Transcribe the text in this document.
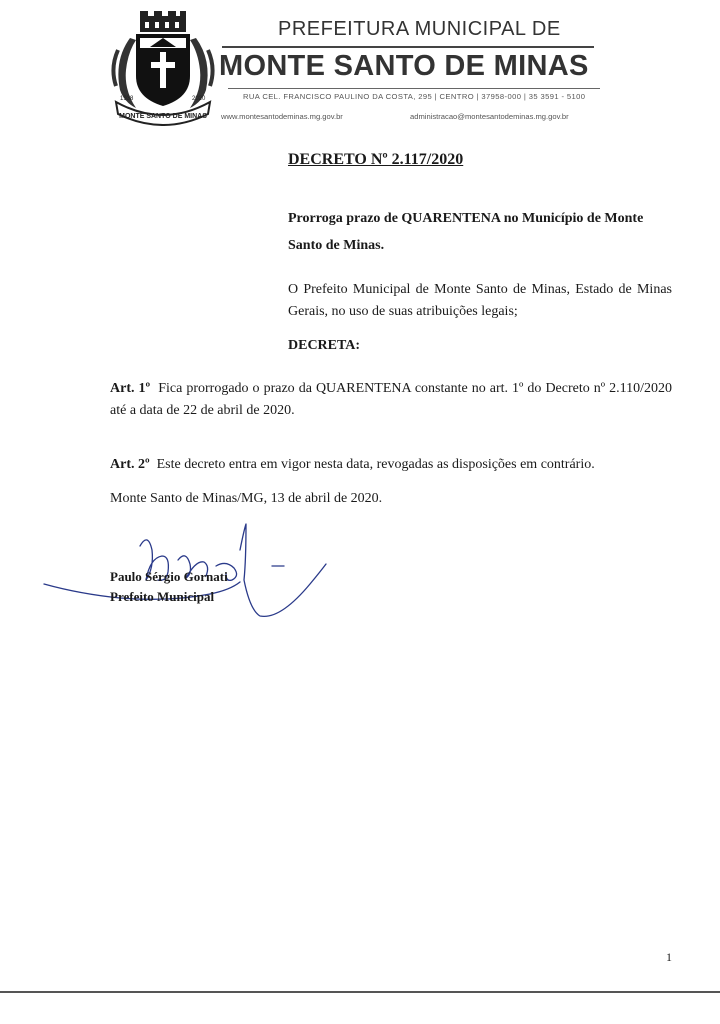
MONTE SANTO DE MINAS
1938	2020
PREFEITURA MUNICIPAL DE
MONTE SANTO DE MINAS
RUA CEL. FRANCISCO PAULINO DA COSTA, 295 | CENTRO | 37958-000 | 35 3591 - 5100
www.montesantodeminas.mg.gov.br	administracao@montesantodeminas.mg.gov.br
DECRETO Nº 2.117/2020
Prorroga prazo de QUARENTENA no Município de Monte Santo de Minas.
O Prefeito Municipal de Monte Santo de Minas, Estado de Minas Gerais, no uso de suas atribuições legais;
DECRETA:
Art. 1º Fica prorrogado o prazo da QUARENTENA constante no art. 1º do Decreto nº 2.110/2020 até a data de 22 de abril de 2020.
Art. 2º Este decreto entra em vigor nesta data, revogadas as disposições em contrário.
Monte Santo de Minas/MG, 13 de abril de 2020.
Paulo Sérgio Gornati
Prefeito Municipal
1
